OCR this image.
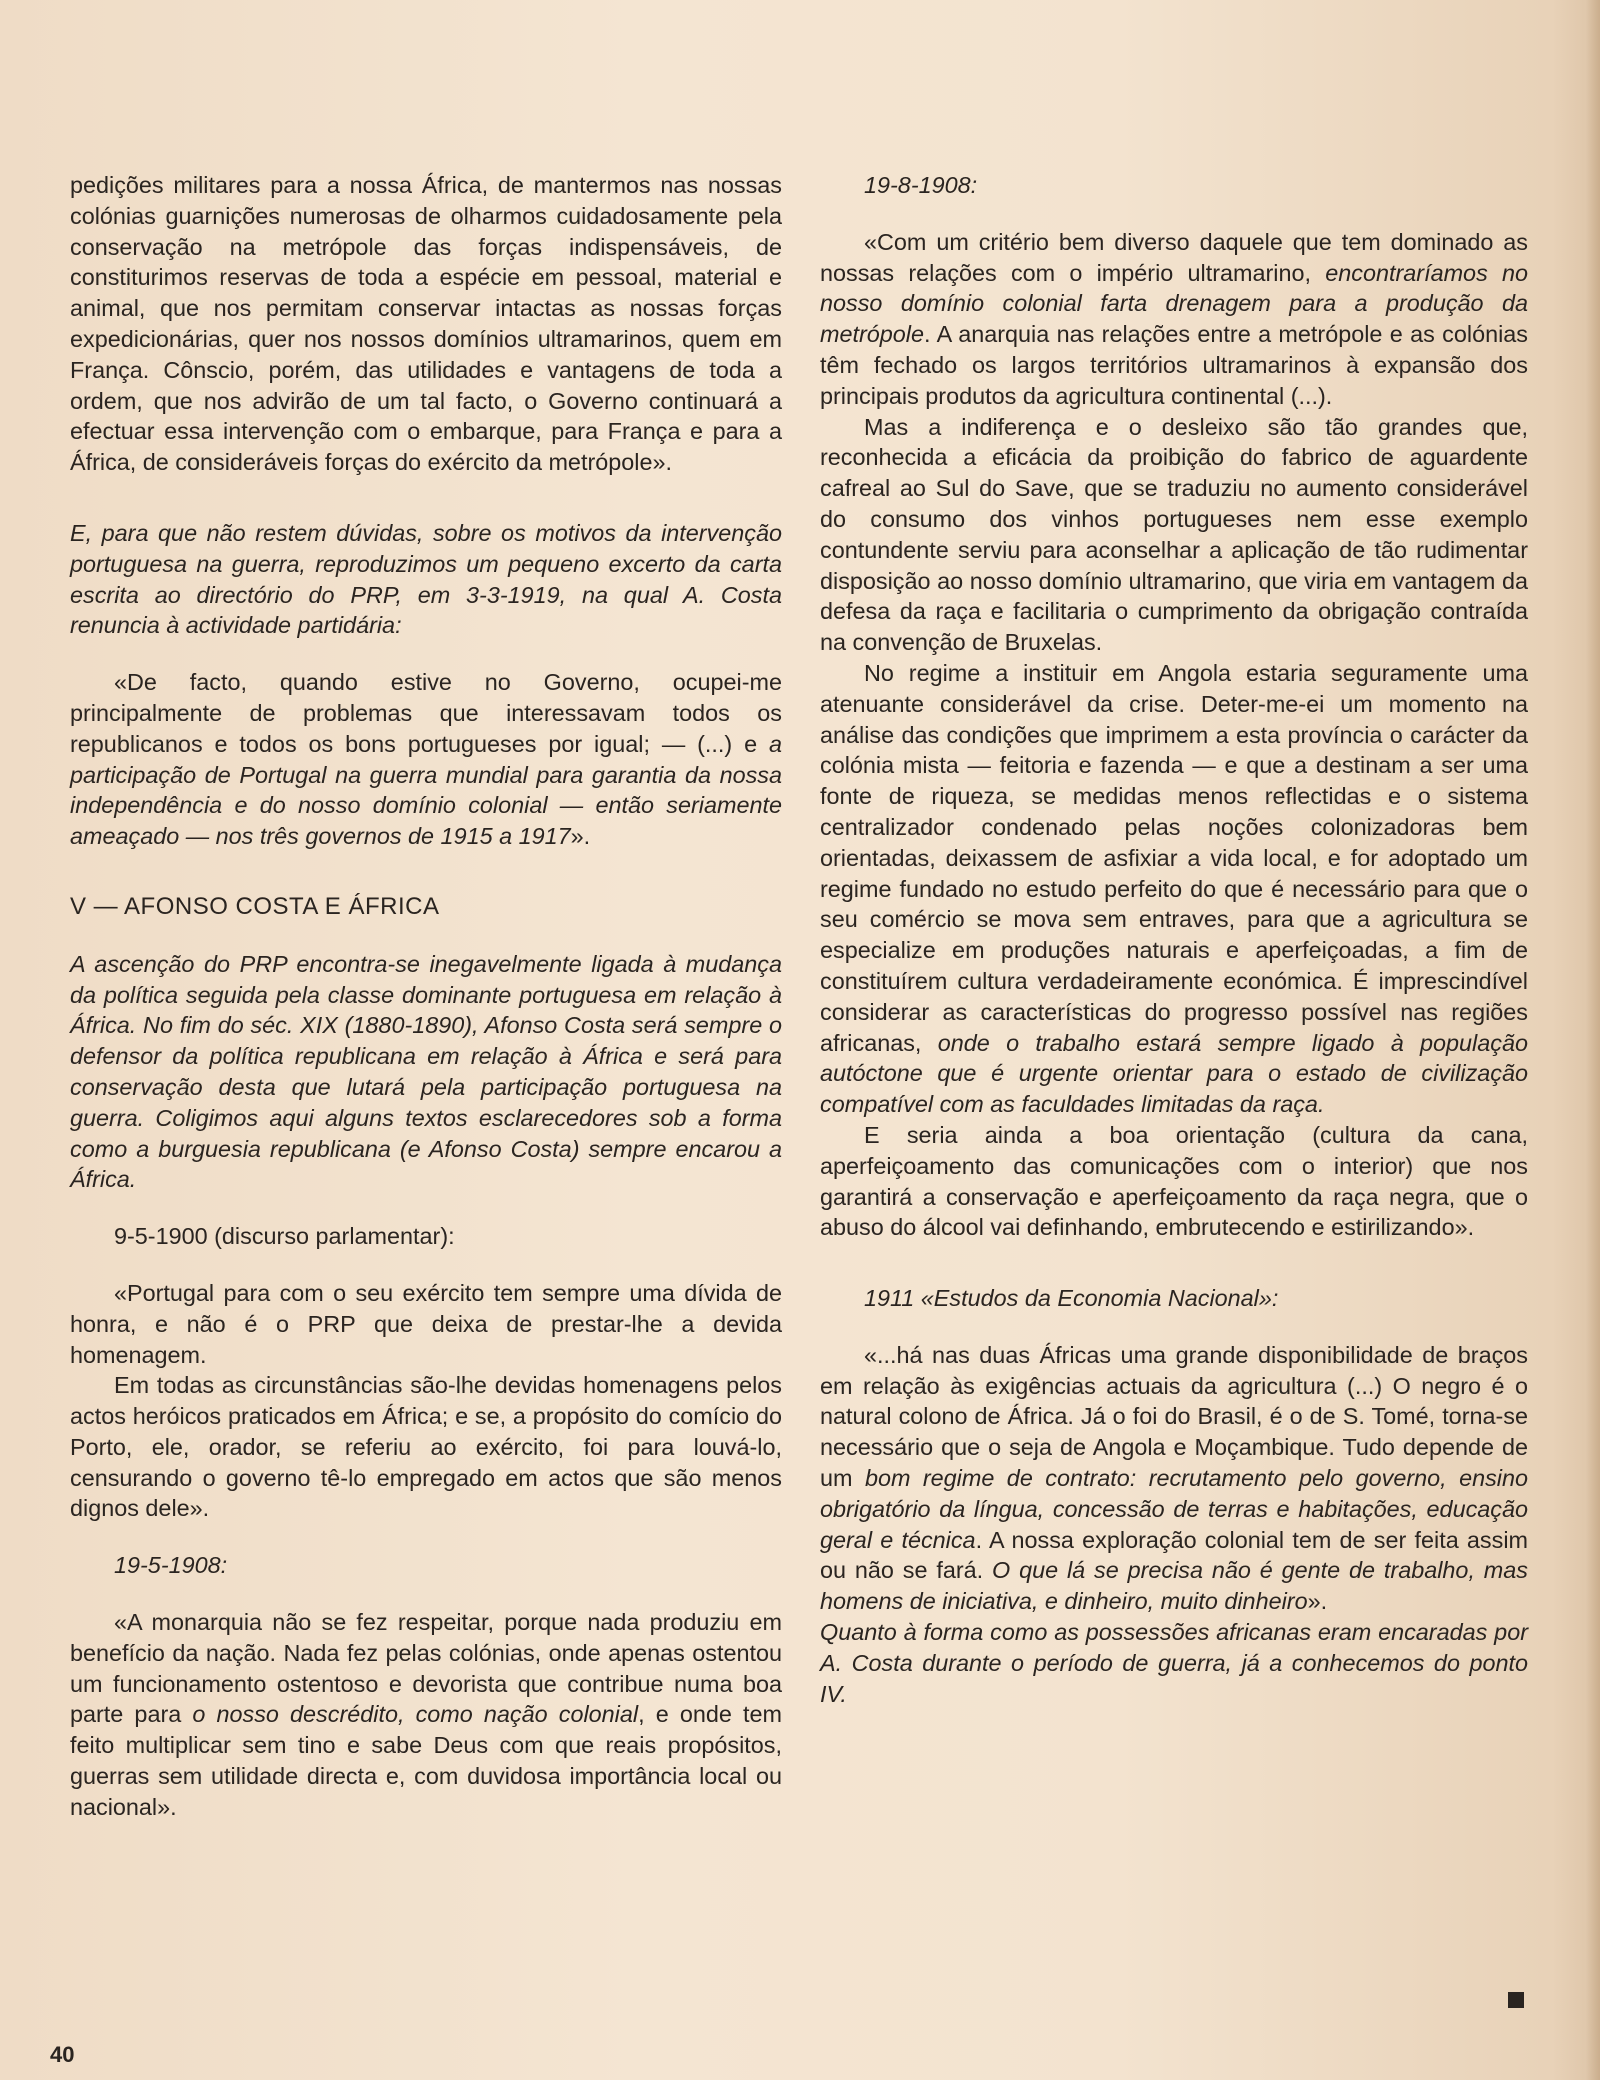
pedições militares para a nossa África, de mantermos nas nossas colónias guarnições numerosas de olharmos cuidadosamente pela conservação na metrópole das forças indispensáveis, de constiturimos reservas de toda a espécie em pessoal, material e animal, que nos permitam conservar intactas as nossas forças expedicionárias, quer nos nossos domínios ultramarinos, quem em França. Cônscio, porém, das utilidades e vantagens de toda a ordem, que nos advirão de um tal facto, o Governo continuará a efectuar essa intervenção com o embarque, para França e para a África, de consideráveis forças do exército da metrópole».

E, para que não restem dúvidas, sobre os motivos da intervenção portuguesa na guerra, reproduzimos um pequeno excerto da carta escrita ao directório do PRP, em 3-3-1919, na qual A. Costa renuncia à actividade partidária:

«De facto, quando estive no Governo, ocupei-me principalmente de problemas que interessavam todos os republicanos e todos os bons portugueses por igual; — (...) e a participação de Portugal na guerra mundial para garantia da nossa independência e do nosso domínio colonial — então seriamente ameaçado — nos três governos de 1915 a 1917».

V — AFONSO COSTA E ÁFRICA

A ascenção do PRP encontra-se inegavelmente ligada à mudança da política seguida pela classe dominante portuguesa em relação à África. No fim do séc. XIX (1880-1890), Afonso Costa será sempre o defensor da política republicana em relação à África e será para conservação desta que lutará pela participação portuguesa na guerra. Coligimos aqui alguns textos esclarecedores sob a forma como a burguesia republicana (e Afonso Costa) sempre encarou a África.

9-5-1900 (discurso parlamentar):

«Portugal para com o seu exército tem sempre uma dívida de honra, e não é o PRP que deixa de prestar-lhe a devida homenagem.

Em todas as circunstâncias são-lhe devidas homenagens pelos actos heróicos praticados em África; e se, a propósito do comício do Porto, ele, orador, se referiu ao exército, foi para louvá-lo, censurando o governo tê-lo empregado em actos que são menos dignos dele».

19-5-1908:

«A monarquia não se fez respeitar, porque nada produziu em benefício da nação. Nada fez pelas colónias, onde apenas ostentou um funcionamento ostentoso e devorista que contribue numa boa parte para o nosso descrédito, como nação colonial, e onde tem feito multiplicar sem tino e sabe Deus com que reais propósitos, guerras sem utilidade directa e, com duvidosa importância local ou nacional».

19-8-1908:

«Com um critério bem diverso daquele que tem dominado as nossas relações com o império ultramarino, encontraríamos no nosso domínio colonial farta drenagem para a produção da metrópole. A anarquia nas relações entre a metrópole e as colónias têm fechado os largos territórios ultramarinos à expansão dos principais produtos da agricultura continental (...).

Mas a indiferença e o desleixo são tão grandes que, reconhecida a eficácia da proibição do fabrico de aguardente cafreal ao Sul do Save, que se traduziu no aumento considerável do consumo dos vinhos portugueses nem esse exemplo contundente serviu para aconselhar a aplicação de tão rudimentar disposição ao nosso domínio ultramarino, que viria em vantagem da defesa da raça e facilitaria o cumprimento da obrigação contraída na convenção de Bruxelas.

No regime a instituir em Angola estaria seguramente uma atenuante considerável da crise. Deter-me-ei um momento na análise das condições que imprimem a esta província o carácter da colónia mista — feitoria e fazenda — e que a destinam a ser uma fonte de riqueza, se medidas menos reflectidas e o sistema centralizador condenado pelas noções colonizadoras bem orientadas, deixassem de asfixiar a vida local, e for adoptado um regime fundado no estudo perfeito do que é necessário para que o seu comércio se mova sem entraves, para que a agricultura se especialize em produções naturais e aperfeiçoadas, a fim de constituírem cultura verdadeiramente económica. É imprescindível considerar as características do progresso possível nas regiões africanas, onde o trabalho estará sempre ligado à população autóctone que é urgente orientar para o estado de civilização compatível com as faculdades limitadas da raça.

E seria ainda a boa orientação (cultura da cana, aperfeiçoamento das comunicações com o interior) que nos garantirá a conservação e aperfeiçoamento da raça negra, que o abuso do álcool vai definhando, embrutecendo e estirilizando».

1911 «Estudos da Economia Nacional»:

«...há nas duas Áfricas uma grande disponibilidade de braços em relação às exigências actuais da agricultura (...) O negro é o natural colono de África. Já o foi do Brasil, é o de S. Tomé, torna-se necessário que o seja de Angola e Moçambique. Tudo depende de um bom regime de contrato: recrutamento pelo governo, ensino obrigatório da língua, concessão de terras e habitações, educação geral e técnica. A nossa exploração colonial tem de ser feita assim ou não se fará. O que lá se precisa não é gente de trabalho, mas homens de iniciativa, e dinheiro, muito dinheiro».

Quanto à forma como as possessões africanas eram encaradas por A. Costa durante o período de guerra, já a conhecemos do ponto IV.

40
